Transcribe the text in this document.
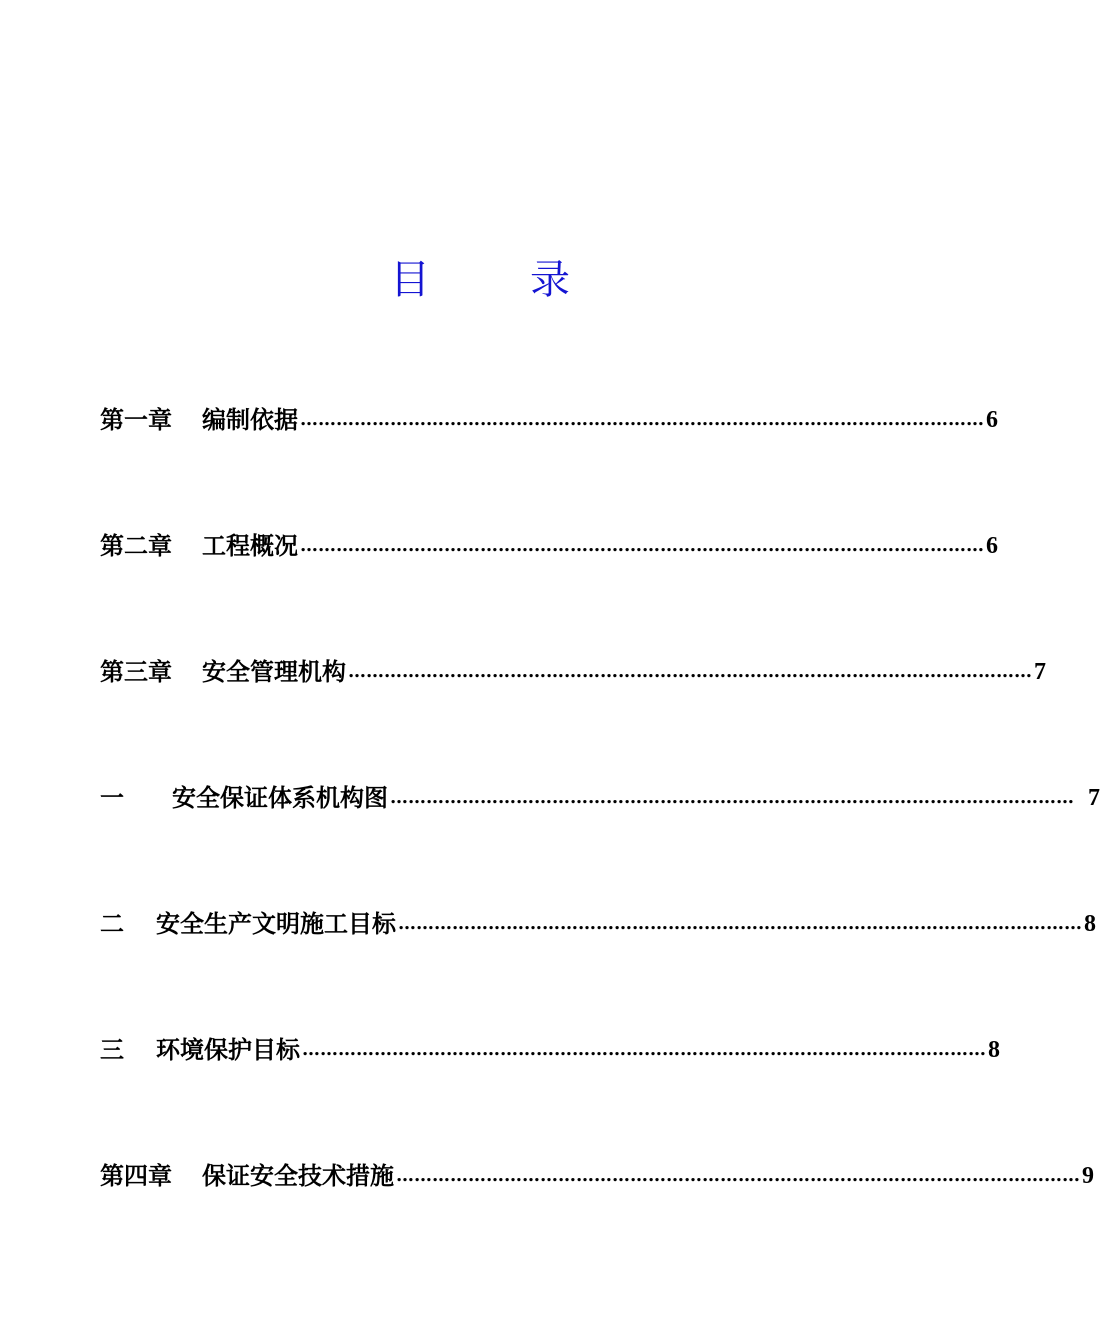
目	录
第一章 编制依据 …………………………………………………………………………………………………… 6
第二章 工程概况 …………………………………………………………………………………………………… 6
第三章 安全管理机构 …………………………………………………………………………………………………… 7
一 安全保证体系机构图 …………………………………………………………………………………………………… 7
二 安全生产文明施工目标 …………………………………………………………………………………………………… 8
三 环境保护目标 …………………………………………………………………………………………………… 8
第四章 保证安全技术措施 …………………………………………………………………………………………………… 9
